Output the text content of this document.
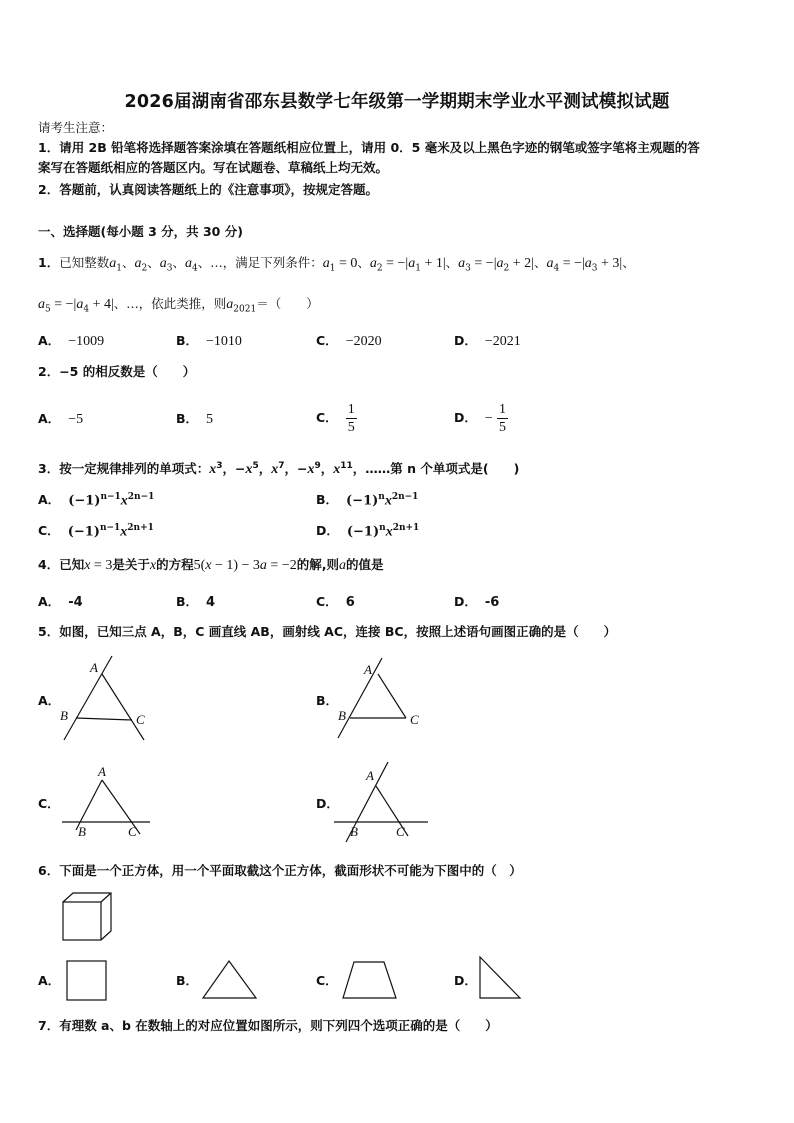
2026届湖南省邵东县数学七年级第一学期期末学业水平测试模拟试题
请考生注意：
1．请用 2B 铅笔将选择题答案涂填在答题纸相应位置上，请用 0．5 毫米及以上黑色字迹的钢笔或签字笔将主观题的答
案写在答题纸相应的答题区内。写在试题卷、草稿纸上均无效。
2．答题前，认真阅读答题纸上的《注意事项》，按规定答题。
一、选择题(每小题 3 分，共 30 分)
1．已知整数$a_1$、$a_2$、$a_3$、$a_4$、…，满足下列条件：$a_1 = 0$、$a_2 = -|a_1 + 1|$、$a_3 = -|a_2 + 2|$、$a_4 = -|a_3 + 3|$、
$a_5 = -|a_4 + 4|$、…，依此类推，则$a_{2021}=$（　　）
A． −1009	B． −1010	C． −2020	D． −2021
2．−5 的相反数是（　　）
A． −5	B． 5	C． $\frac{1}{5}$	D． − $\frac{1}{5}$
3．按一定规律排列的单项式：$x^3$，$-x^5$，$x^7$，$-x^9$，$x^{11}$，……第 n 个单项式是(　　)
A． $(-1)^{n-1}x^{2n-1}$	B． $(-1)^nx^{2n-1}$
C． $(-1)^{n-1}x^{2n+1}$	D． $(-1)^nx^{2n+1}$
4．已知x = 3是关于x的方程5(x − 1) − 3a = −2的解,则a的值是
A． -4	B． 4	C． 6	D． -6
5．如图，已知三点 A，B，C 画直线 AB，画射线 AC，连接 BC，按照上述语句画图正确的是（　　）
A．
A
B	C
B．
A
B	C
C．
A
B	C
D．
A
B	C
6．下面是一个正方体，用一个平面取截这个正方体，截面形状不可能为下图中的（　）
A．	B．	C．	D．
7．有理数 a、b 在数轴上的对应位置如图所示，则下列四个选项正确的是（　　）
